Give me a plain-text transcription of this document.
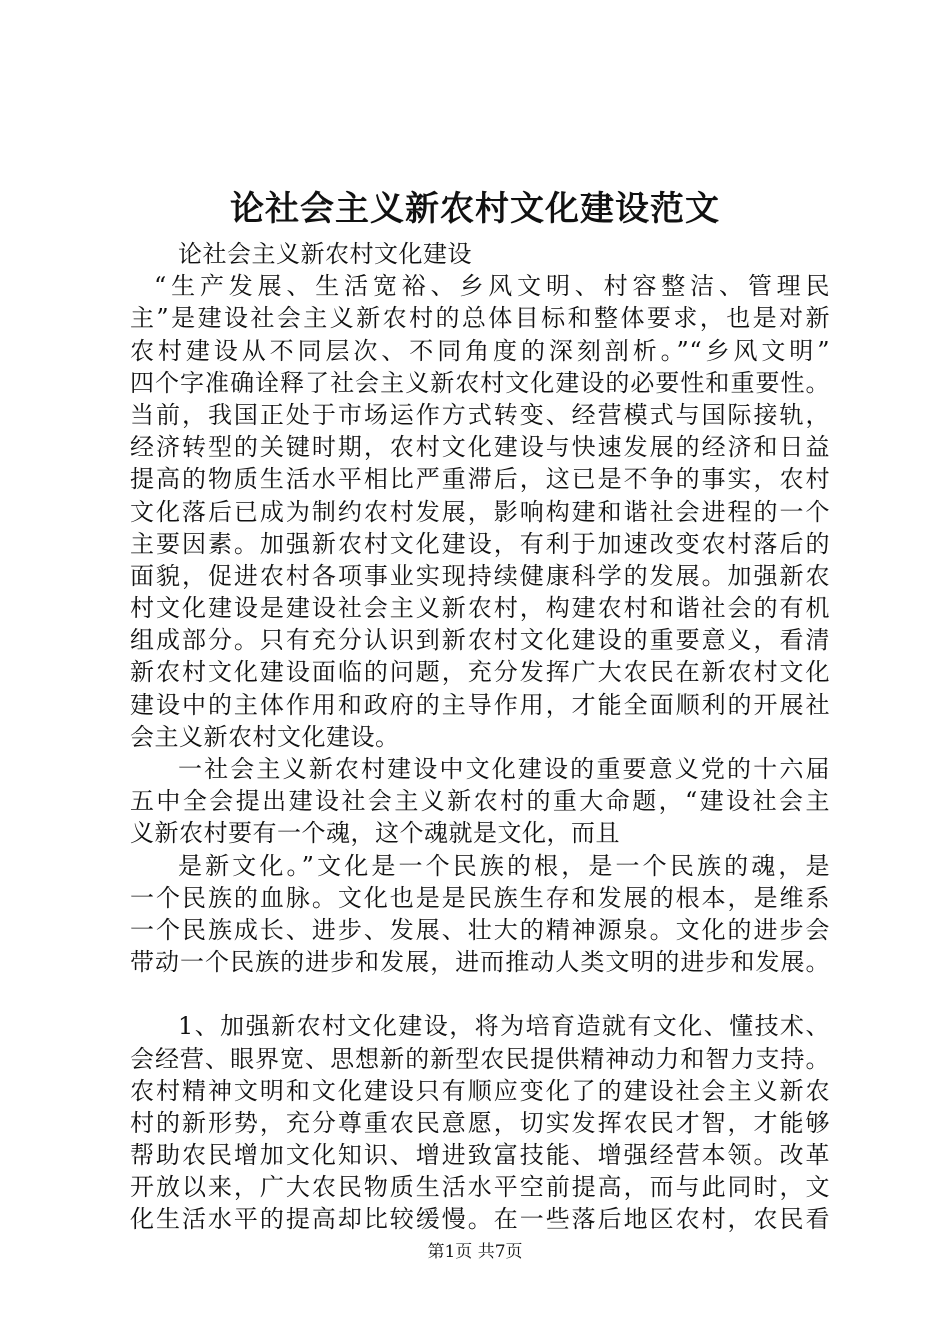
论社会主义新农村文化建设范文
论社会主义新农村文化建设
“生产发展、生活宽裕、乡风文明、村容整洁、管理民
主”是建设社会主义新农村的总体目标和整体要求，也是对新
农村建设从不同层次、不同角度的深刻剖析。”“乡风文明”
四个字准确诠释了社会主义新农村文化建设的必要性和重要性。
当前，我国正处于市场运作方式转变、经营模式与国际接轨，
经济转型的关键时期，农村文化建设与快速发展的经济和日益
提高的物质生活水平相比严重滞后，这已是不争的事实，农村
文化落后已成为制约农村发展，影响构建和谐社会进程的一个
主要因素。加强新农村文化建设，有利于加速改变农村落后的
面貌，促进农村各项事业实现持续健康科学的发展。加强新农
村文化建设是建设社会主义新农村，构建农村和谐社会的有机
组成部分。只有充分认识到新农村文化建设的重要意义，看清
新农村文化建设面临的问题，充分发挥广大农民在新农村文化
建设中的主体作用和政府的主导作用，才能全面顺利的开展社
会主义新农村文化建设。
一社会主义新农村建设中文化建设的重要意义党的十六届
五中全会提出建设社会主义新农村的重大命题，“建设社会主
义新农村要有一个魂，这个魂就是文化，而且
是新文化。”文化是一个民族的根，是一个民族的魂，是
一个民族的血脉。文化也是是民族生存和发展的根本，是维系
一个民族成长、进步、发展、壮大的精神源泉。文化的进步会
带动一个民族的进步和发展，进而推动人类文明的进步和发展。
1、加强新农村文化建设，将为培育造就有文化、懂技术、
会经营、眼界宽、思想新的新型农民提供精神动力和智力支持。
农村精神文明和文化建设只有顺应变化了的建设社会主义新农
村的新形势，充分尊重农民意愿，切实发挥农民才智，才能够
帮助农民增加文化知识、增进致富技能、增强经营本领。改革
开放以来，广大农民物质生活水平空前提高，而与此同时，文
化生活水平的提高却比较缓慢。在一些落后地区农村，农民看
第1页 共7页
